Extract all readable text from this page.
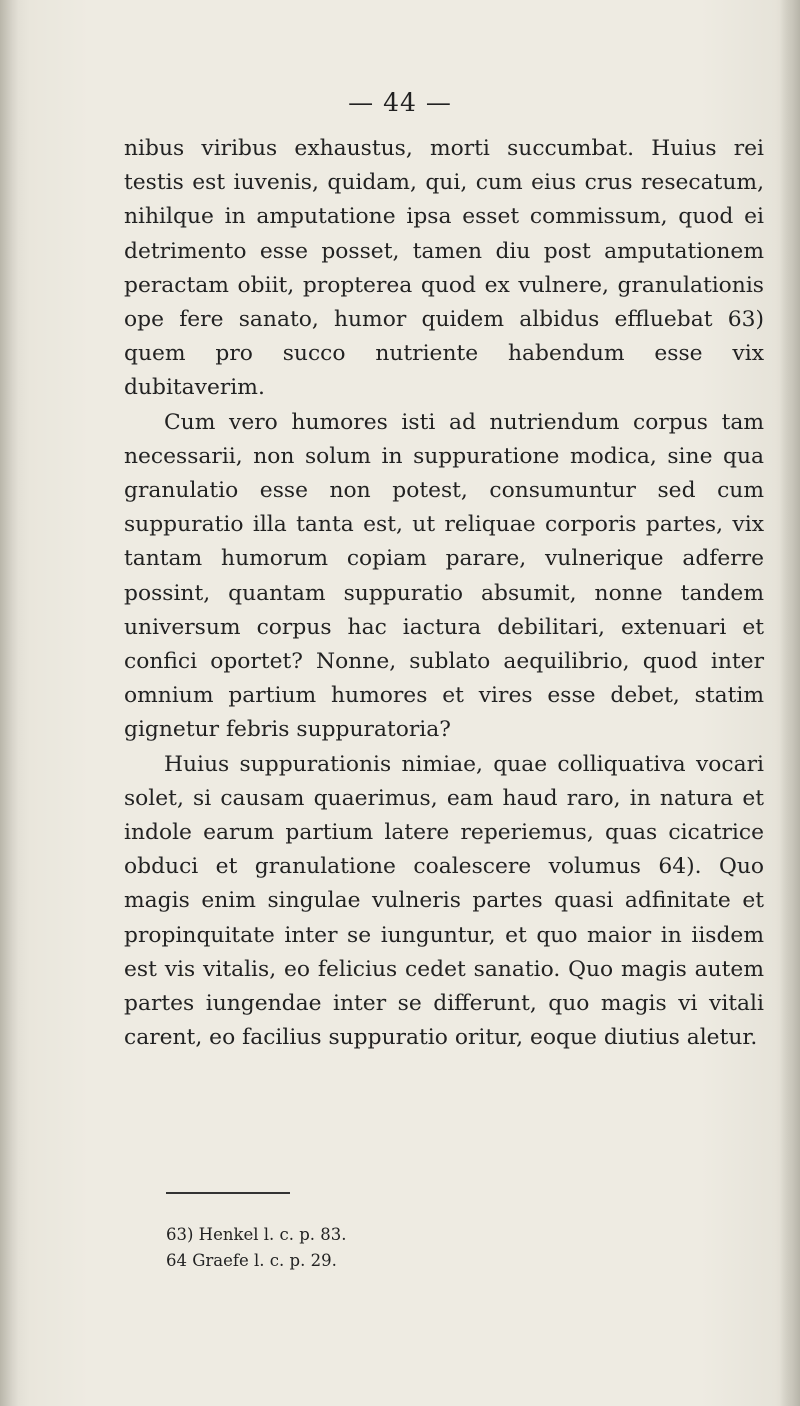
— 44 —

nibus viribus exhaustus, morti succumbat. Huius rei testis est iuvenis, quidam, qui, cum eius crus resecatum, nihilque in amputatione ipsa esset commissum, quod ei detrimento esse posset, tamen diu post amputationem peractam obiit, propterea quod ex vulnere, granulationis ope fere sanato, humor quidem albidus effluebat 63) quem pro succo nutriente habendum esse vix dubitaverim.

Cum vero humores isti ad nutriendum corpus tam necessarii, non solum in suppuratione modica, sine qua granulatio esse non potest, consumuntur sed cum suppuratio illa tanta est, ut reliquae corporis partes, vix tantam humorum copiam parare, vulnerique adferre possint, quantam suppuratio absumit, nonne tandem universum corpus hac iactura debilitari, extenuari et confici oportet? Nonne, sublato aequilibrio, quod inter omnium partium humores et vires esse debet, statim gignetur febris suppuratoria?

Huius suppurationis nimiae, quae colliquativa vocari solet, si causam quaerimus, eam haud raro, in natura et indole earum partium latere reperiemus, quas cicatrice obduci et granulatione coalescere volumus 64). Quo magis enim singulae vulneris partes quasi adfinitate et propinquitate inter se iunguntur, et quo maior in iisdem est vis vitalis, eo felicius cedet sanatio. Quo magis autem partes iungendae inter se differunt, quo magis vi vitali carent, eo facilius suppuratio oritur, eoque diutius aletur.

63) Henkel l. c. p. 83.

64 Graefe l. c. p. 29.
